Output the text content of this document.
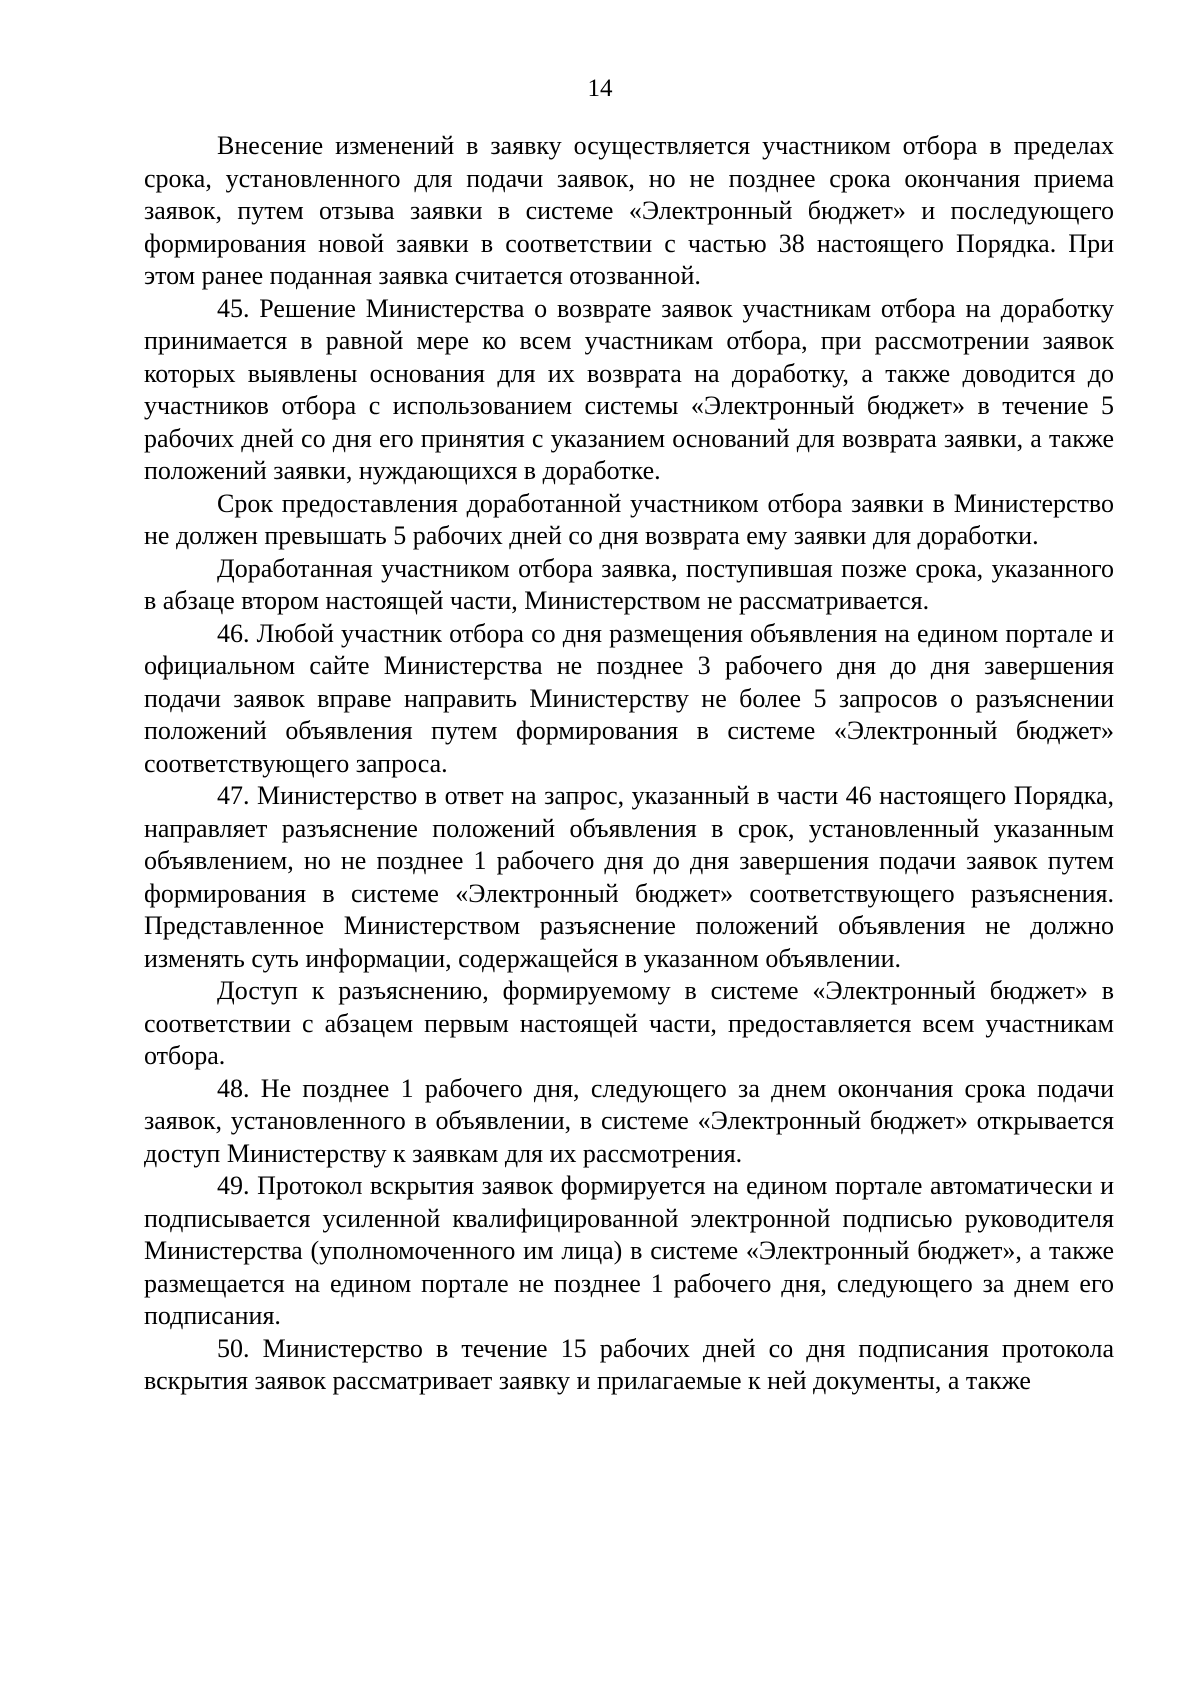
14

Внесение изменений в заявку осуществляется участником отбора в пределах срока, установленного для подачи заявок, но не позднее срока окончания приема заявок, путем отзыва заявки в системе «Электронный бюджет» и последующего формирования новой заявки в соответствии с частью 38 настоящего Порядка. При этом ранее поданная заявка считается отозванной.

45. Решение Министерства о возврате заявок участникам отбора на доработку принимается в равной мере ко всем участникам отбора, при рассмотрении заявок которых выявлены основания для их возврата на доработку, а также доводится до участников отбора с использованием системы «Электронный бюджет» в течение 5 рабочих дней со дня его принятия с указанием оснований для возврата заявки, а также положений заявки, нуждающихся в доработке.

Срок предоставления доработанной участником отбора заявки в Министерство не должен превышать 5 рабочих дней со дня возврата ему заявки для доработки.

Доработанная участником отбора заявка, поступившая позже срока, указанного в абзаце втором настоящей части, Министерством не рассматривается.

46. Любой участник отбора со дня размещения объявления на едином портале и официальном сайте Министерства не позднее 3 рабочего дня до дня завершения подачи заявок вправе направить Министерству не более 5 запросов о разъяснении положений объявления путем формирования в системе «Электронный бюджет» соответствующего запроса.

47. Министерство в ответ на запрос, указанный в части 46 настоящего Порядка, направляет разъяснение положений объявления в срок, установленный указанным объявлением, но не позднее 1 рабочего дня до дня завершения подачи заявок путем формирования в системе «Электронный бюджет» соответствующего разъяснения. Представленное Министерством разъяснение положений объявления не должно изменять суть информации, содержащейся в указанном объявлении.

Доступ к разъяснению, формируемому в системе «Электронный бюджет» в соответствии с абзацем первым настоящей части, предоставляется всем участникам отбора.

48. Не позднее 1 рабочего дня, следующего за днем окончания срока подачи заявок, установленного в объявлении, в системе «Электронный бюджет» открывается доступ Министерству к заявкам для их рассмотрения.

49. Протокол вскрытия заявок формируется на едином портале автоматически и подписывается усиленной квалифицированной электронной подписью руководителя Министерства (уполномоченного им лица) в системе «Электронный бюджет», а также размещается на едином портале не позднее 1 рабочего дня, следующего за днем его подписания.

50. Министерство в течение 15 рабочих дней со дня подписания протокола вскрытия заявок рассматривает заявку и прилагаемые к ней документы, а также
